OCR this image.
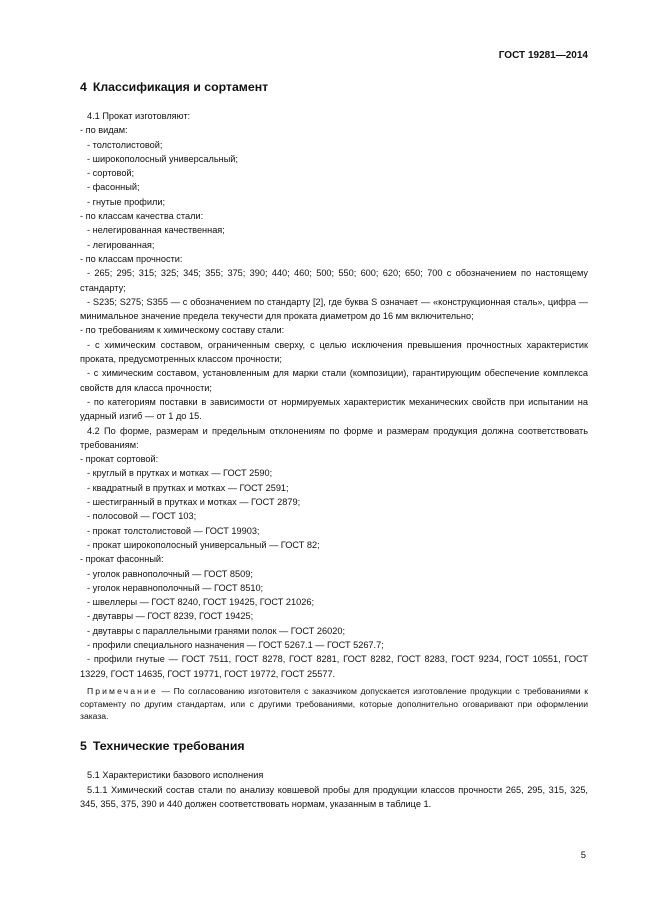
ГОСТ 19281—2014
4 Классификация и сортамент

4.1 Прокат изготовляют:

- по видам:

- толстолистовой;

- широкополосный универсальный;

- сортовой;

- фасонный;

- гнутые профили;

- по классам качества стали:

- нелегированная качественная;

- легированная;

- по классам прочности:

- 265; 295; 315; 325; 345; 355; 375; 390; 440; 460; 500; 550; 600; 620; 650; 700 с обозначением по настоящему стандарту;

- S235; S275; S355 — с обозначением по стандарту [2], где буква S означает — «конструкционная сталь», цифра — минимальное значение предела текучести для проката диаметром до 16 мм включительно;

- по требованиям к химическому составу стали:

- с химическим составом, ограниченным сверху, с целью исключения превышения прочностных характеристик проката, предусмотренных классом прочности;

- с химическим составом, установленным для марки стали (композиции), гарантирующим обеспечение комплекса свойств для класса прочности;

- по категориям поставки в зависимости от нормируемых характеристик механических свойств при испытании на ударный изгиб — от 1 до 15.

4.2 По форме, размерам и предельным отклонениям по форме и размерам продукция должна соответствовать требованиям:

- прокат сортовой:

- круглый в прутках и мотках — ГОСТ 2590;

- квадратный в прутках и мотках — ГОСТ 2591;

- шестигранный в прутках и мотках — ГОСТ 2879;

- полосовой — ГОСТ 103;

- прокат толстолистовой — ГОСТ 19903;

- прокат широкополосный универсальный — ГОСТ 82;

- прокат фасонный:

- уголок равнополочный — ГОСТ 8509;

- уголок неравнополочный — ГОСТ 8510;

- швеллеры — ГОСТ 8240, ГОСТ 19425, ГОСТ 21026;

- двутавры — ГОСТ 8239, ГОСТ 19425;

- двутавры с параллельными гранями полок — ГОСТ 26020;

- профили специального назначения — ГОСТ 5267.1 — ГОСТ 5267.7;

- профили гнутые — ГОСТ 7511, ГОСТ 8278, ГОСТ 8281, ГОСТ 8282, ГОСТ 8283, ГОСТ 9234, ГОСТ 10551, ГОСТ 13229, ГОСТ 14635, ГОСТ 19771, ГОСТ 19772, ГОСТ 25577.

Примечание — По согласованию изготовителя с заказчиком допускается изготовление продукции с требованиями к сортаменту по другим стандартам, или с другими требованиями, которые дополнительно оговаривают при оформлении заказа.
5 Технические требования

5.1 Характеристики базового исполнения

5.1.1 Химический состав стали по анализу ковшевой пробы для продукции классов прочности 265, 295, 315, 325, 345, 355, 375, 390 и 440 должен соответствовать нормам, указанным в таблице 1.

5
